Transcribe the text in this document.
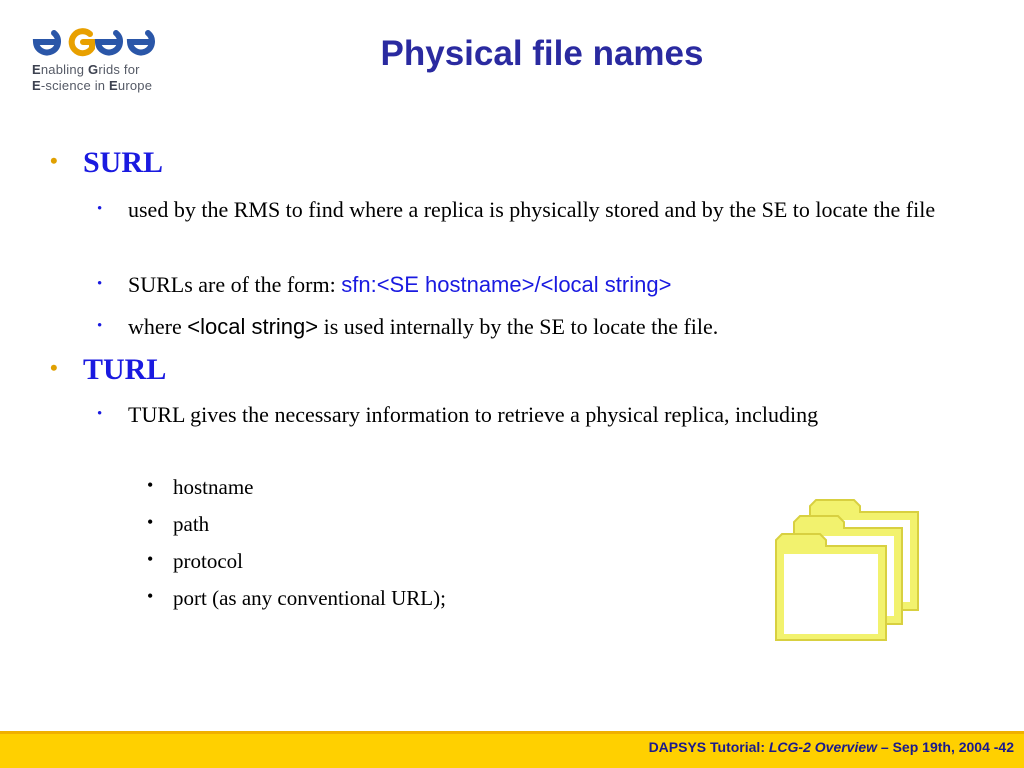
Enabling Grids for
E-science in Europe
Physical file names
• SURL
• used by the RMS to find where a replica is physically stored and by the SE to locate the file
• SURLs are of the form: sfn:<SE hostname>/<local string>
• where <local string> is used internally by the SE to locate the file.
• TURL
• TURL gives the necessary information to retrieve a physical replica, including
• hostname
• path
• protocol
• port (as any conventional URL);
DAPSYS Tutorial: LCG-2 Overview – Sep 19th, 2004 -42
